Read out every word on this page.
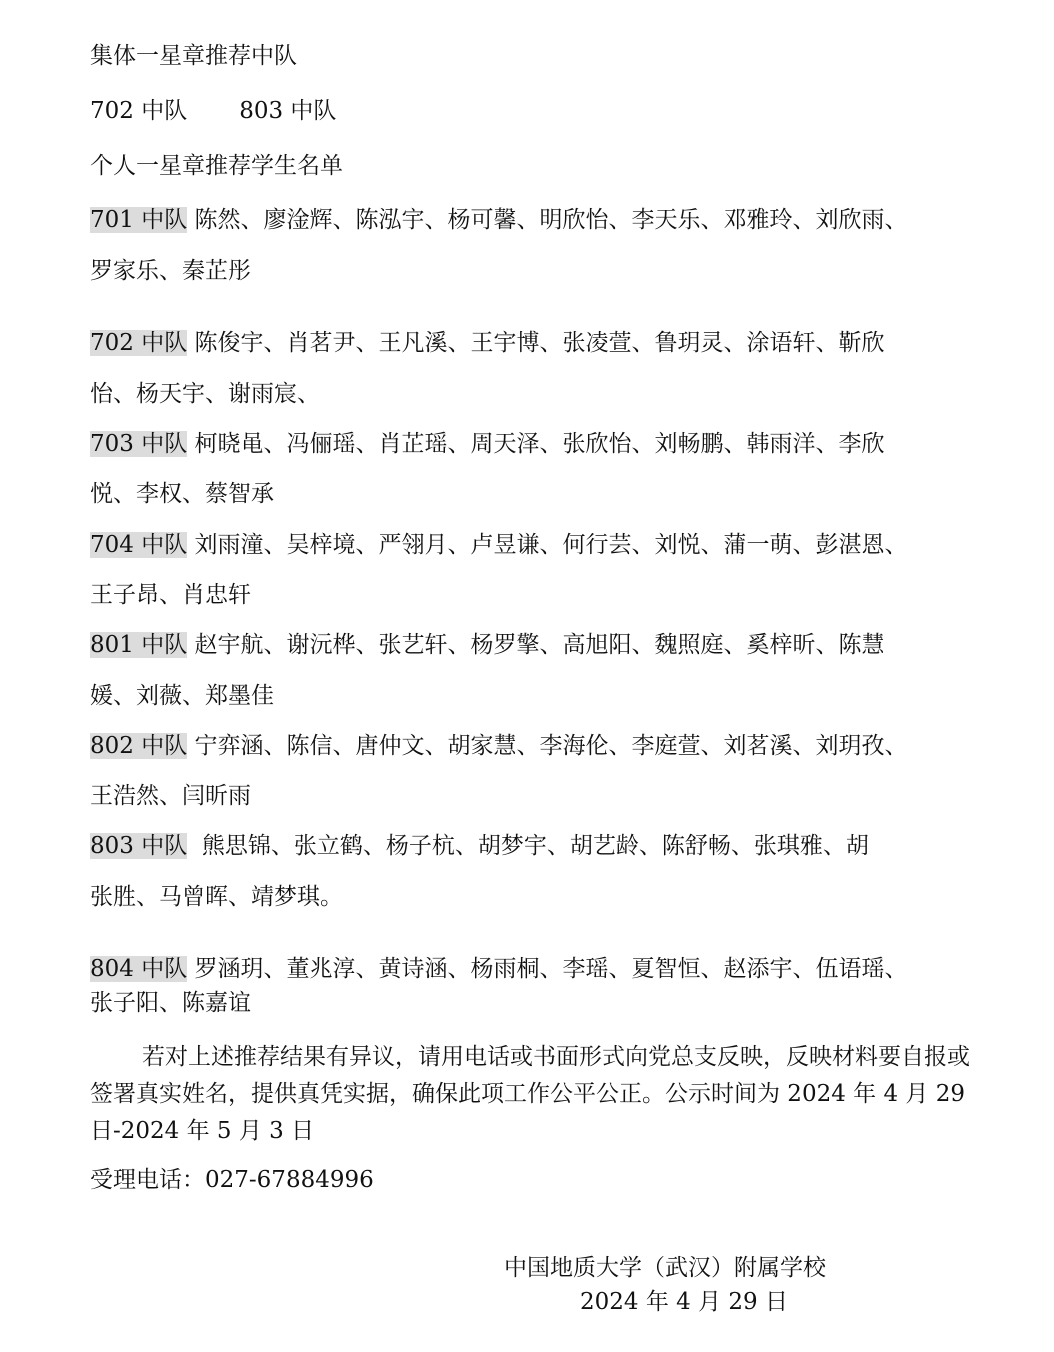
集体一星章推荐中队
702 中队 803 中队
个人一星章推荐学生名单
701 中队 陈然、廖淦辉、陈泓宇、杨可馨、明欣怡、李天乐、邓雅玲、刘欣雨、
罗家乐、秦芷彤
702 中队 陈俊宇、肖茗尹、王凡溪、王宇博、张凌萱、鲁玥灵、涂语轩、靳欣
怡、杨天宇、谢雨宸、
703 中队 柯晓黾、冯俪瑶、肖芷瑶、周天泽、张欣怡、刘畅鹏、韩雨洋、李欣
悦、李权、蔡智承
704 中队 刘雨潼、吴梓境、严翎月、卢昱谦、何行芸、刘悦、蒲一萌、彭湛恩、
王子昂、肖忠轩
801 中队 赵宇航、谢沅桦、张艺轩、杨罗擎、高旭阳、魏照庭、奚梓昕、陈慧
媛、刘薇、郑墨佳
802 中队 宁弈涵、陈信、唐仲文、胡家慧、李海伦、李庭萱、刘茗溪、刘玥孜、
王浩然、闫昕雨
803 中队 熊思锦、张立鹤、杨子杭、胡梦宇、胡艺龄、陈舒畅、张琪雅、胡
张胜、马曾晖、靖梦琪。
804 中队 罗涵玥、董兆淳、黄诗涵、杨雨桐、李瑶、夏智恒、赵添宇、伍语瑶、
张子阳、陈嘉谊
若对上述推荐结果有异议，请用电话或书面形式向党总支反映，反映材料要自报或签署真实姓名，提供真凭实据，确保此项工作公平公正。公示时间为 2024 年 4 月 29 日-2024 年 5 月 3 日
受理电话：027-67884996
中国地质大学（武汉）附属学校
2024 年 4 月 29 日
